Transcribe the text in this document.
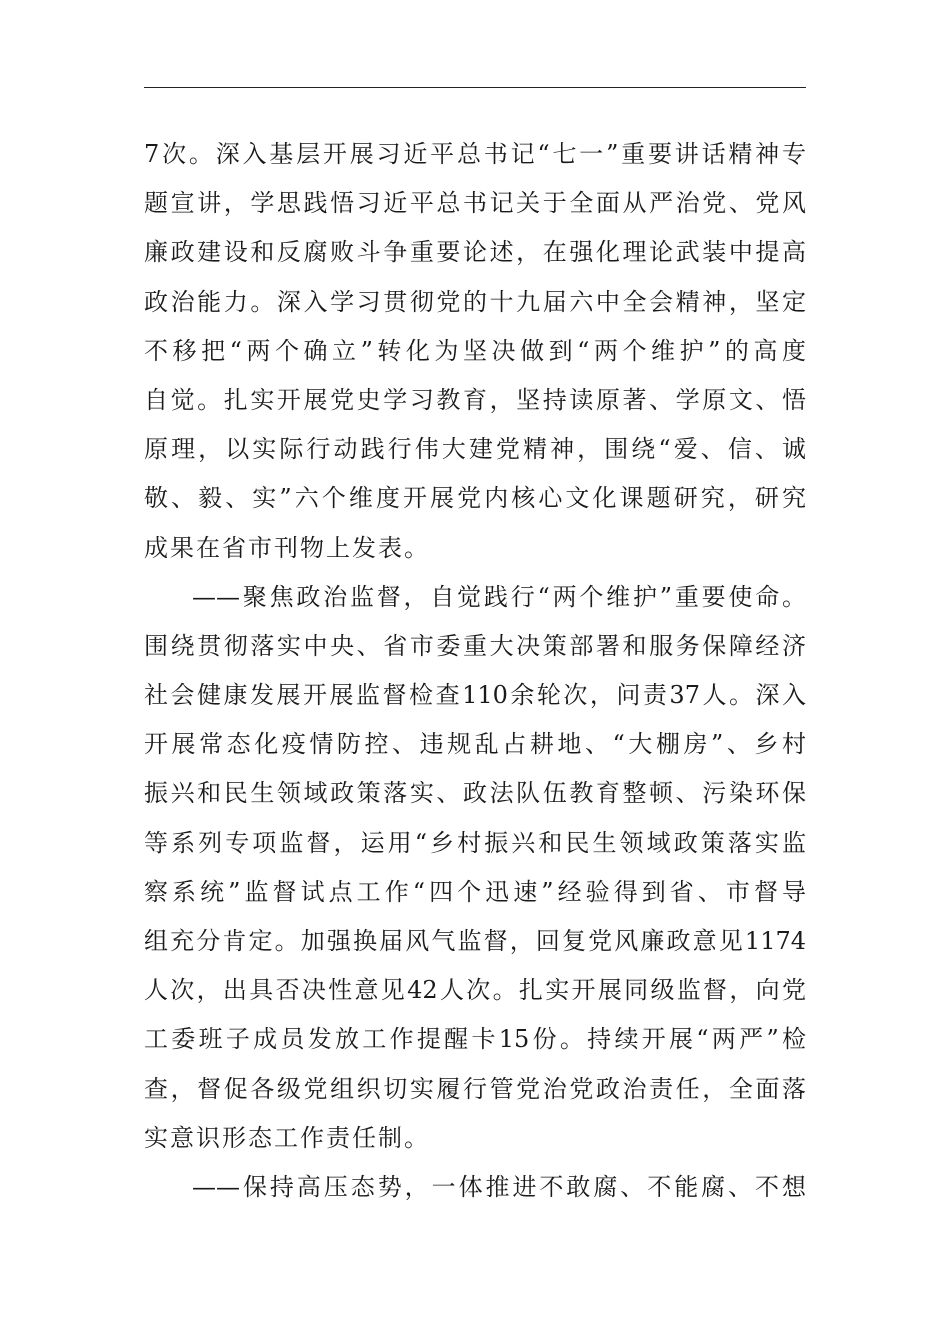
7次。深入基层开展习近平总书记“七一”重要讲话精神专
题宣讲，学思践悟习近平总书记关于全面从严治党、党风
廉政建设和反腐败斗争重要论述，在强化理论武装中提高
政治能力。深入学习贯彻党的十九届六中全会精神，坚定
不移把“两个确立”转化为坚决做到“两个维护”的高度
自觉。扎实开展党史学习教育，坚持读原著、学原文、悟
原理，以实际行动践行伟大建党精神，围绕“爱、信、诚
敬、毅、实”六个维度开展党内核心文化课题研究，研究
成果在省市刊物上发表。
——聚焦政治监督，自觉践行“两个维护”重要使命。
围绕贯彻落实中央、省市委重大决策部署和服务保障经济
社会健康发展开展监督检查110余轮次，问责37人。深入
开展常态化疫情防控、违规乱占耕地、“大棚房”、乡村
振兴和民生领域政策落实、政法队伍教育整顿、污染环保
等系列专项监督，运用“乡村振兴和民生领域政策落实监
察系统”监督试点工作“四个迅速”经验得到省、市督导
组充分肯定。加强换届风气监督，回复党风廉政意见1174
人次，出具否决性意见42人次。扎实开展同级监督，向党
工委班子成员发放工作提醒卡15份。持续开展“两严”检
查，督促各级党组织切实履行管党治党政治责任，全面落
实意识形态工作责任制。
——保持高压态势，一体推进不敢腐、不能腐、不想
